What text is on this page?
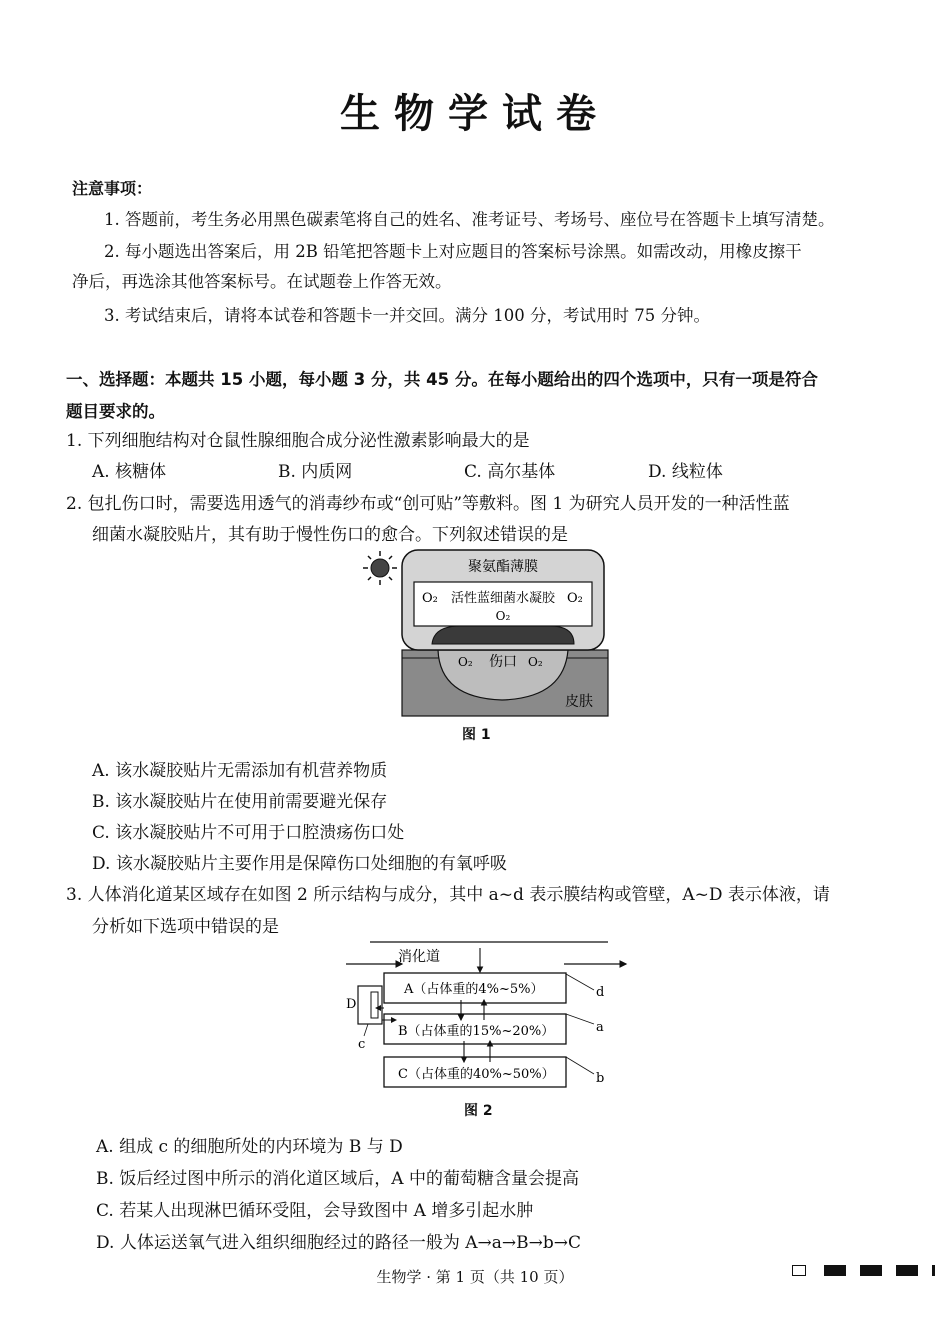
生物学试卷
注意事项：
1. 答题前，考生务必用黑色碳素笔将自己的姓名、准考证号、考场号、座位号在答题卡上填写清楚。
2. 每小题选出答案后，用 2B 铅笔把答题卡上对应题目的答案标号涂黑。如需改动，用橡皮擦干
净后，再选涂其他答案标号。在试题卷上作答无效。
3. 考试结束后，请将本试卷和答题卡一并交回。满分 100 分，考试用时 75 分钟。
一、选择题：本题共 15 小题，每小题 3 分，共 45 分。在每小题给出的四个选项中，只有一项是符合
题目要求的。
1. 下列细胞结构对仓鼠性腺细胞合成分泌性激素影响最大的是
A. 核糖体	B. 内质网	C. 高尔基体	D. 线粒体
2. 包扎伤口时，需要选用透气的消毒纱布或“创可贴”等敷料。图 1 为研究人员开发的一种活性蓝
细菌水凝胶贴片，其有助于慢性伤口的愈合。下列叙述错误的是
聚氨酯薄膜
O₂ 活性蓝细菌水凝胶 O₂
O₂
O₂ 伤口 O₂
皮肤
图 1
A. 该水凝胶贴片无需添加有机营养物质
B. 该水凝胶贴片在使用前需要避光保存
C. 该水凝胶贴片不可用于口腔溃疡伤口处
D. 该水凝胶贴片主要作用是保障伤口处细胞的有氧呼吸
3. 人体消化道某区域存在如图 2 所示结构与成分，其中 a~d 表示膜结构或管壁，A~D 表示体液，请
分析如下选项中错误的是
消化道
A（占体重的4%~5%）
B（占体重的15%~20%）
C（占体重的40%~50%）
D
c
d
a
b
图 2
A. 组成 c 的细胞所处的内环境为 B 与 D
B. 饭后经过图中所示的消化道区域后，A 中的葡萄糖含量会提高
C. 若某人出现淋巴循环受阻，会导致图中 A 增多引起水肿
D. 人体运送氧气进入组织细胞经过的路径一般为 A→a→B→b→C
生物学 · 第 1 页（共 10 页）
